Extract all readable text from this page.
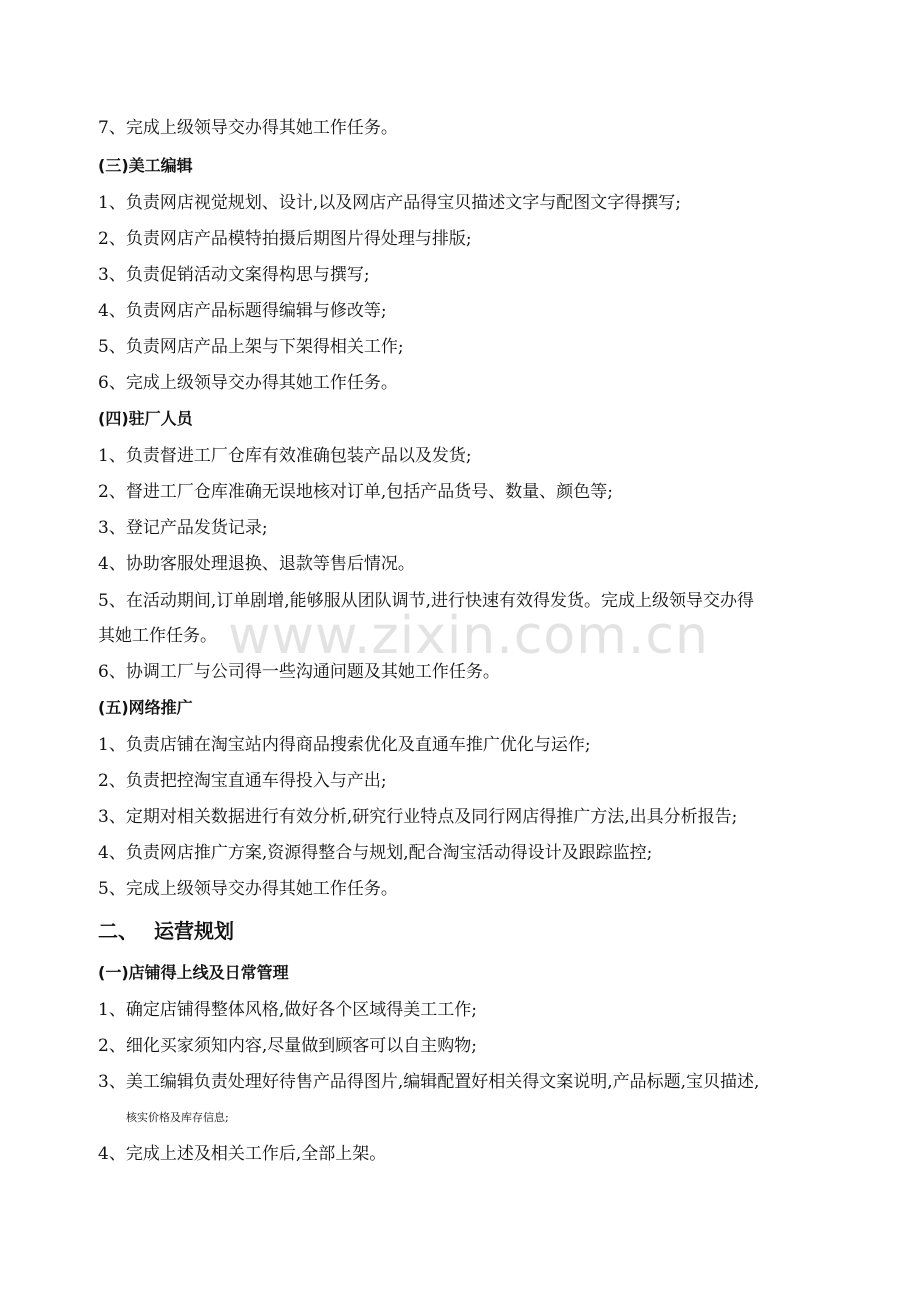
www.zixin.com.cn
7、完成上级领导交办得其她工作任务。
(三)美工编辑
1、负责网店视觉规划、设计,以及网店产品得宝贝描述文字与配图文字得撰写;
2、负责网店产品模特拍摄后期图片得处理与排版;
3、负责促销活动文案得构思与撰写;
4、负责网店产品标题得编辑与修改等;
5、负责网店产品上架与下架得相关工作;
6、完成上级领导交办得其她工作任务。
(四)驻厂人员
1、负责督进工厂仓库有效准确包装产品以及发货;
2、督进工厂仓库准确无误地核对订单,包括产品货号、数量、颜色等;
3、登记产品发货记录;
4、协助客服处理退换、退款等售后情况。
5、在活动期间,订单剧增,能够服从团队调节,进行快速有效得发货。完成上级领导交办得
其她工作任务。
6、协调工厂与公司得一些沟通问题及其她工作任务。
(五)网络推广
1、负责店铺在淘宝站内得商品搜索优化及直通车推广优化与运作;
2、负责把控淘宝直通车得投入与产出;
3、定期对相关数据进行有效分析,研究行业特点及同行网店得推广方法,出具分析报告;
4、负责网店推广方案,资源得整合与规划,配合淘宝活动得设计及跟踪监控;
5、完成上级领导交办得其她工作任务。
二、 运营规划
(一)店铺得上线及日常管理
1、确定店铺得整体风格,做好各个区域得美工工作;
2、细化买家须知内容,尽量做到顾客可以自主购物;
3、美工编辑负责处理好待售产品得图片,编辑配置好相关得文案说明,产品标题,宝贝描述,
核实价格及库存信息;
4、完成上述及相关工作后,全部上架。
